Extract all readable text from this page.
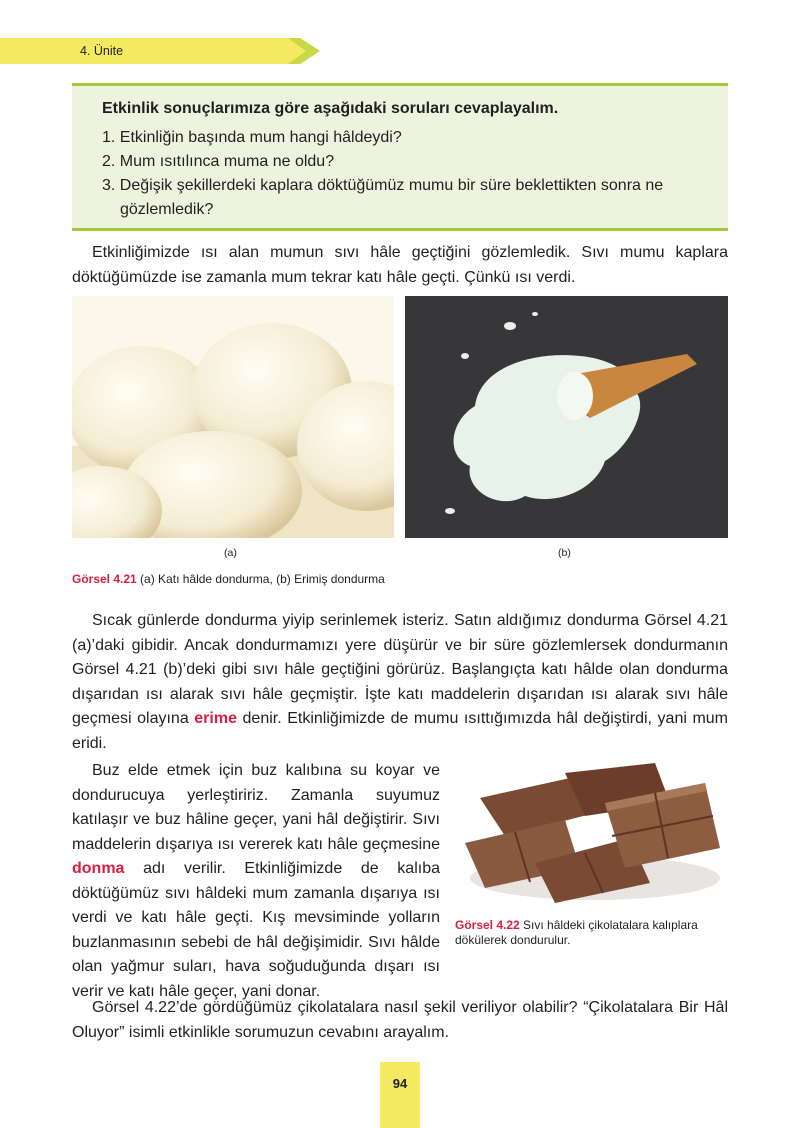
4. Ünite
Etkinlik sonuçlarımıza göre aşağıdaki soruları cevaplayalım.
1. Etkinliğin başında mum hangi hâldeydi?
2. Mum ısıtılınca muma ne oldu?
3. Değişik şekillerdeki kaplara döktüğümüz mumu bir süre beklettikten sonra ne
gözlemledik?

Etkinliğimizde ısı alan mumun sıvı hâle geçtiğini gözlemledik. Sıvı mumu kaplara döktüğümüzde ise zamanla mum tekrar katı hâle geçti. Çünkü ısı verdi.

(a)	(b)
Görsel 4.21 (a) Katı hâlde dondurma, (b) Erimiş dondurma

Sıcak günlerde dondurma yiyip serinlemek isteriz. Satın aldığımız dondurma Görsel 4.21 (a)’daki gibidir. Ancak dondurmamızı yere düşürür ve bir süre gözlemlersek dondurmanın Görsel 4.21 (b)’deki gibi sıvı hâle geçtiğini görürüz. Başlangıçta katı hâlde olan dondurma dışarıdan ısı alarak sıvı hâle geçmiştir. İşte katı maddelerin dışarıdan ısı alarak sıvı hâle geçmesi olayına erime denir. Etkinliğimizde de mumu ısıttığımızda hâl değiştirdi, yani mum eridi.

Buz elde etmek için buz kalıbına su koyar ve dondurucuya yerleştiririz. Zamanla suyumuz katılaşır ve buz hâline geçer, yani hâl değiştirir. Sıvı maddelerin dışarıya ısı vererek katı hâle geçmesine donma adı verilir. Etkinliğimizde de kalıba döktüğümüz sıvı hâldeki mum zamanla dışarıya ısı verdi ve katı hâle geçti. Kış mevsiminde yolların buzlanmasının sebebi de hâl değişimidir. Sıvı hâlde olan yağmur suları, hava soğuduğunda dışarı ısı verir ve katı hâle geçer, yani donar.

Görsel 4.22 Sıvı hâldeki çikolatalara kalıplara dökülerek dondurulur.

Görsel 4.22’de gördüğümüz çikolatalara nasıl şekil veriliyor olabilir? “Çikolatalara Bir Hâl Oluyor” isimli etkinlikle sorumuzun cevabını arayalım.

94
